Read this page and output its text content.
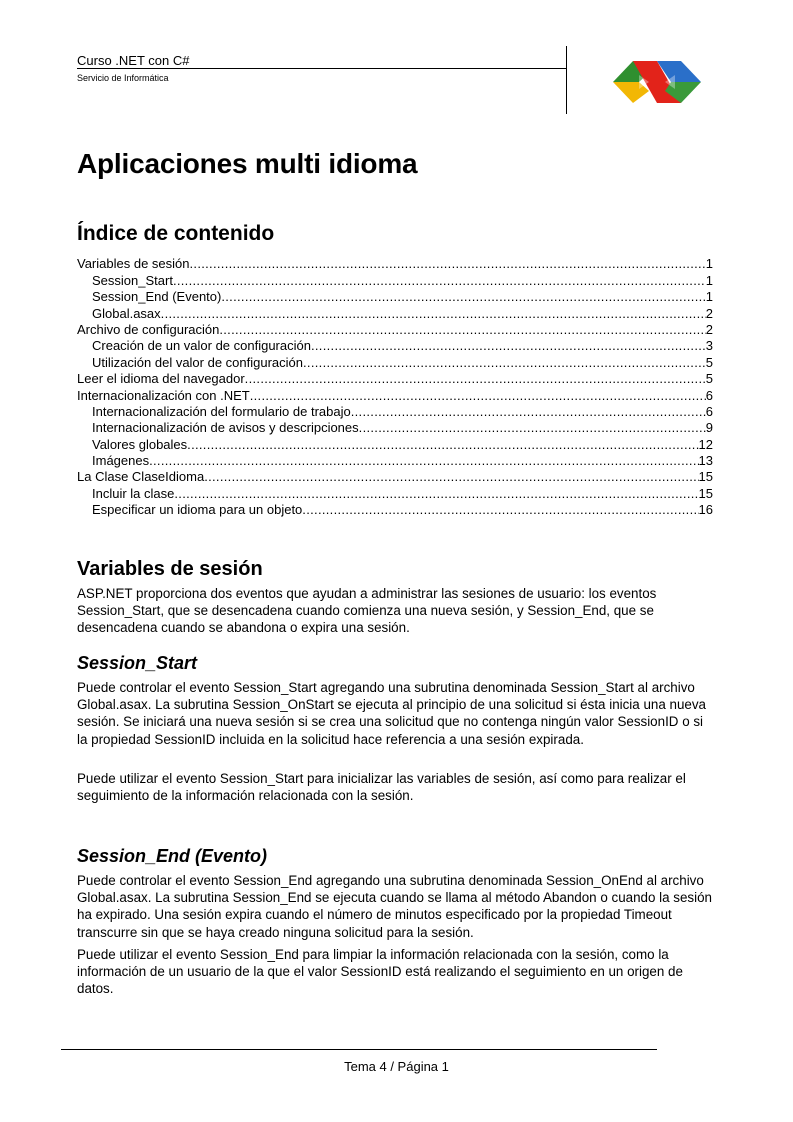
Curso .NET con C#
Servicio de Informática
Aplicaciones multi idioma
Índice de contenido
Variables de sesión .....	1
Session_Start .....	1
Session_End (Evento) .....	1
Global.asax .....	2
Archivo de configuración .....	2
Creación de un valor de configuración .....	3
Utilización del valor de configuración .....	5
Leer el idioma del navegador .....	5
Internacionalización con .NET .....	6
Internacionalización del formulario de trabajo .....	6
Internacionalización de avisos y descripciones .....	9
Valores globales .....	12
Imágenes .....	13
La Clase ClaseIdioma .....	15
Incluir la clase .....	15
Especificar un idioma para un objeto .....	16
Variables de sesión

ASP.NET proporciona dos eventos que ayudan a administrar las sesiones de usuario: los eventos Session_Start, que se desencadena cuando comienza una nueva sesión, y Session_End, que se desencadena cuando se abandona o expira una sesión.

Session_Start

Puede controlar el evento Session_Start agregando una subrutina denominada Session_Start al archivo Global.asax. La subrutina Session_OnStart se ejecuta al principio de una solicitud si ésta inicia una nueva sesión. Se iniciará una nueva sesión si se crea una solicitud que no contenga ningún valor SessionID o si la propiedad SessionID incluida en la solicitud hace referencia a una sesión expirada.

Puede utilizar el evento Session_Start para inicializar las variables de sesión, así como para realizar el seguimiento de la información relacionada con la sesión.

Session_End (Evento)

Puede controlar el evento Session_End agregando una subrutina denominada Session_OnEnd al archivo Global.asax. La subrutina Session_End se ejecuta cuando se llama al método Abandon o cuando la sesión ha expirado. Una sesión expira cuando el número de minutos especificado por la propiedad Timeout transcurre sin que se haya creado ninguna solicitud para la sesión.

Puede utilizar el evento Session_End para limpiar la información relacionada con la sesión, como la información de un usuario de la que el valor SessionID está realizando el seguimiento en un origen de datos.

Tema 4 / Página 1
